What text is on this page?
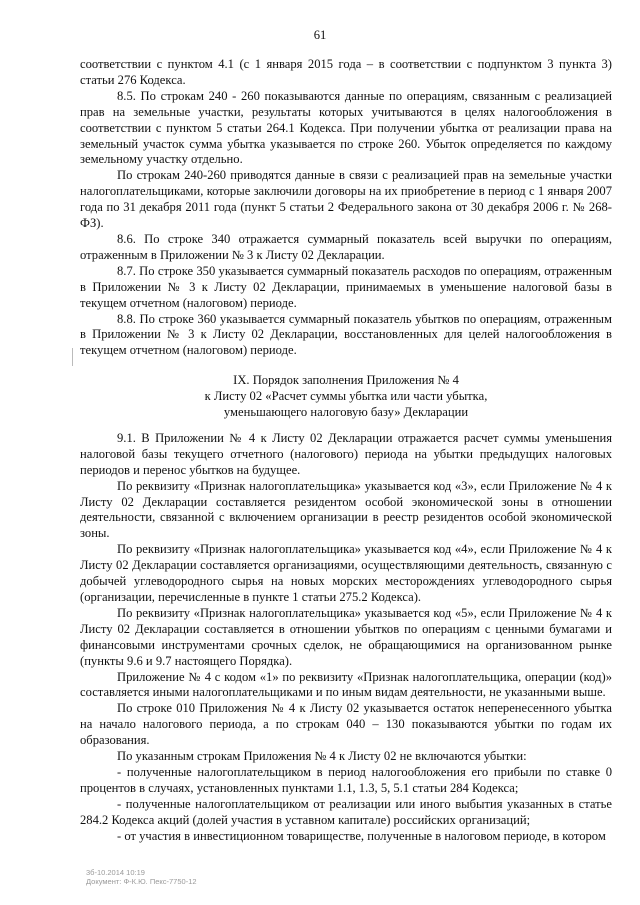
61

соответствии с пунктом 4.1 (с 1 января 2015 года – в соответствии с подпунктом 3 пункта 3) статьи 276 Кодекса.

8.5. По строкам 240 - 260 показываются данные по операциям, связанным с реализацией прав на земельные участки, результаты которых учитываются в целях налогообложения в соответствии с пунктом 5 статьи 264.1 Кодекса. При получении убытка от реализации права на земельный участок сумма убытка указывается по строке 260. Убыток определяется по каждому земельному участку отдельно.

По строкам 240-260 приводятся данные в связи с реализацией прав на земельные участки налогоплательщиками, которые заключили договоры на их приобретение в период с 1 января 2007 года по 31 декабря 2011 года (пункт 5 статьи 2 Федерального закона от 30 декабря 2006 г. № 268-ФЗ).

8.6. По строке 340 отражается суммарный показатель всей выручки по операциям, отраженным в Приложении № 3 к Листу 02 Декларации.

8.7. По строке 350 указывается суммарный показатель расходов по операциям, отраженным в Приложении № 3 к Листу 02 Декларации, принимаемых в уменьшение налоговой базы в текущем отчетном (налоговом) периоде.

8.8. По строке 360 указывается суммарный показатель убытков по операциям, отраженным в Приложении № 3 к Листу 02 Декларации, восстановленных для целей налогообложения в текущем отчетном (налоговом) периоде.

IX. Порядок заполнения Приложения № 4
к Листу 02 «Расчет суммы убытка или части убытка,
уменьшающего налоговую базу» Декларации

9.1. В Приложении № 4 к Листу 02 Декларации отражается расчет суммы уменьшения налоговой базы текущего отчетного (налогового) периода на убытки предыдущих налоговых периодов и перенос убытков на будущее.

По реквизиту «Признак налогоплательщика» указывается код «3», если Приложение № 4 к Листу 02 Декларации составляется резидентом особой экономической зоны в отношении деятельности, связанной с включением организации в реестр резидентов особой экономической зоны.

По реквизиту «Признак налогоплательщика» указывается код «4», если Приложение № 4 к Листу 02 Декларации составляется организациями, осуществляющими деятельность, связанную с добычей углеводородного сырья на новых морских месторождениях углеводородного сырья (организации, перечисленные в пункте 1 статьи 275.2 Кодекса).

По реквизиту «Признак налогоплательщика» указывается код «5», если Приложение № 4 к Листу 02 Декларации составляется в отношении убытков по операциям с ценными бумагами и финансовыми инструментами срочных сделок, не обращающимися на организованном рынке (пункты 9.6 и 9.7 настоящего Порядка).

Приложение № 4 с кодом «1» по реквизиту «Признак налогоплательщика, операции (код)» составляется иными налогоплательщиками и по иным видам деятельности, не указанными выше.

По строке 010 Приложения № 4 к Листу 02 указывается остаток неперенесенного убытка на начало налогового периода, а по строкам 040 – 130 показываются убытки по годам их образования.

По указанным строкам Приложения № 4 к Листу 02 не включаются убытки:

- полученные налогоплательщиком в период налогообложения его прибыли по ставке 0 процентов в случаях, установленных пунктами 1.1, 1.3, 5, 5.1 статьи 284 Кодекса;

- полученные налогоплательщиком от реализации или иного выбытия указанных в статье 284.2 Кодекса акций (долей участия в уставном капитале) российских организаций;

- от участия в инвестиционном товариществе, полученные в налоговом периоде, в котором

3б-10.2014 10:19
Документ: Ф-К.Ю. Пекс-7750-12
